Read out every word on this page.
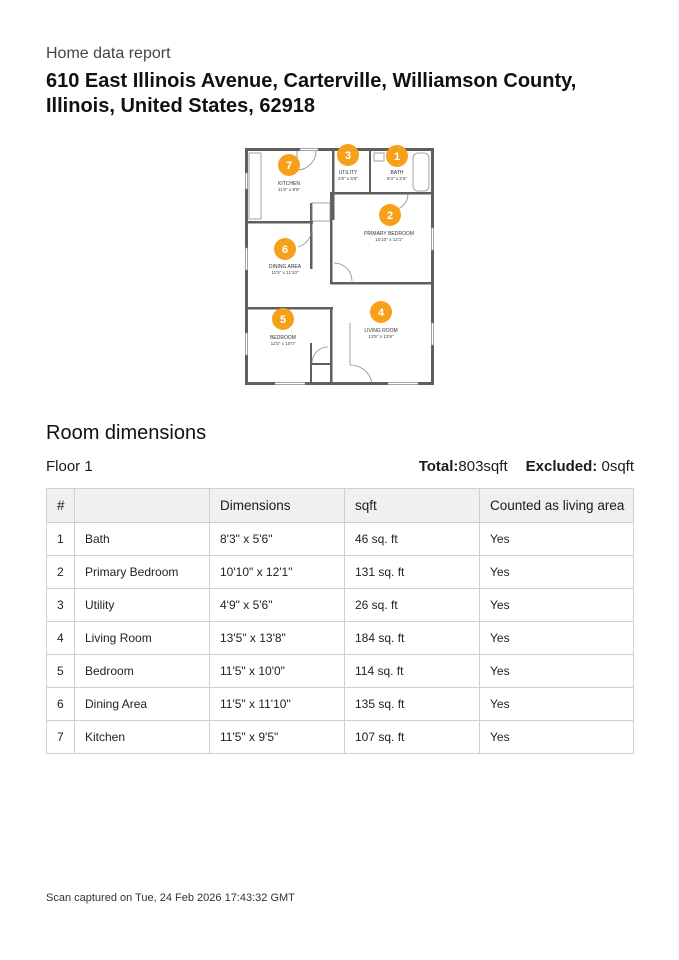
Home data report
610 East Illinois Avenue, Carterville, Williamson County, Illinois, United States, 62918
BATH
8'3" x 5'6"
PRIMARY BEDROOM
10'10" x 12'1"
UTILITY
4'9" x 5'6"
LIVING ROOM
13'5" x 13'8"
BEDROOM
11'5" x 10'0"
DINING AREA
11'5" x 11'10"
KITCHEN
11'5" x 9'5"
1
2
3
4
5
6
7
Room dimensions
Floor 1	Total:803sqft Excluded: 0sqft
#		Dimensions	sqft	Counted as living area
1	Bath	8'3" x 5'6"	46 sq. ft	Yes
2	Primary Bedroom	10'10" x 12'1"	131 sq. ft	Yes
3	Utility	4'9" x 5'6"	26 sq. ft	Yes
4	Living Room	13'5" x 13'8"	184 sq. ft	Yes
5	Bedroom	11'5" x 10'0"	114 sq. ft	Yes
6	Dining Area	11'5" x 11'10"	135 sq. ft	Yes
7	Kitchen	11'5" x 9'5"	107 sq. ft	Yes
Scan captured on Tue, 24 Feb 2026 17:43:32 GMT
